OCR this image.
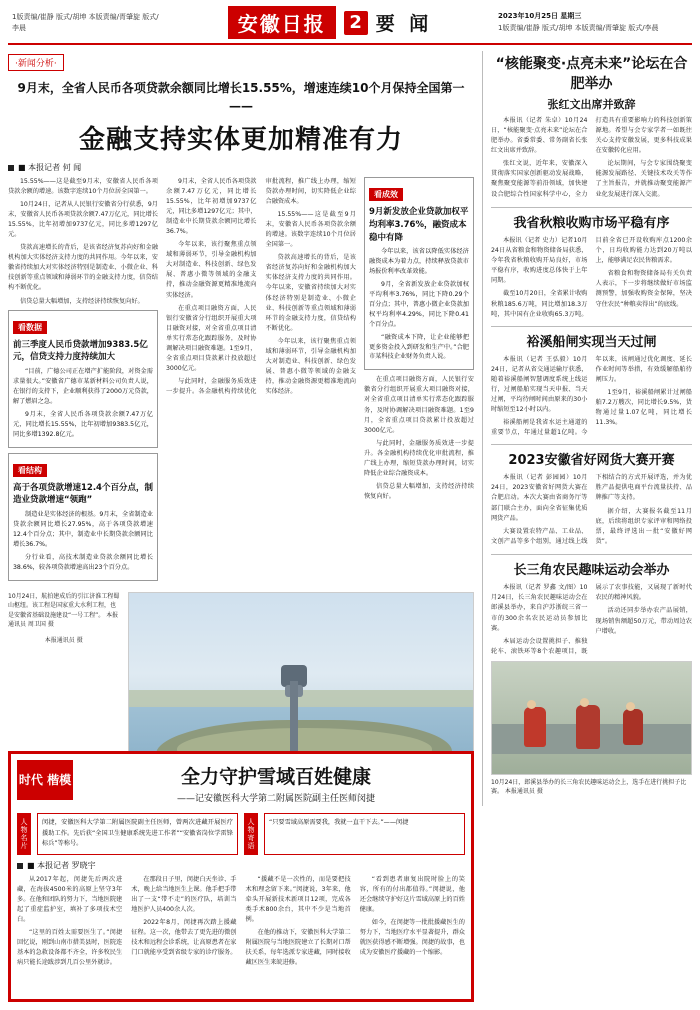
1版责编/崔静 版式/胡坤 本版责编/胥肇旋 版式/李晨	安徽日报	2 要 闻	2023年10月25日 星期三
1版责编/崔静 版式/胡坤 本版责编/胥肇旋 版式/李晨
·新闻分析·
9月末，全省人民币各项贷款余额同比增长15.55%，增速连续10个月保持全国第一——
金融支持实体更加精准有力
■ 本报记者 何 闻

15.55%——这是截至9月末，安徽省人民币各项贷款余额的增速。该数字连续10个月位居全国第一。

10月24日，记者从人民银行安徽省分行获悉，9月末，安徽省人民币各项贷款余额7.47万亿元，同比增长15.55%，比年初增加9737亿元，同比多增1297亿元。

贷款高速增长的背后，是该省经济复苏向好和金融机构加大实体经济支持力度的共同作用。今年以来，安徽省持续加大对实体经济特别是制造业、小微企业、科技创新等重点领域和薄弱环节的金融支持力度，信贷结构不断优化。

信贷总量大幅增加，支持经济持续恢复向好。

看数据
前三季度人民币贷款增加9383.5亿元，信贷支持力度持续加大

“目前，广德公司正在增产扩能阶段，对资金需求量很大。”安徽省广德市某新材料公司负责人说，在银行的支持下，企业顺利获得了2000万元贷款，解了燃眉之急。

9月末，全省人民币各项贷款余额7.47万亿元，同比增长15.55%，比年初增加9383.5亿元，同比多增1392.8亿元。

看结构
高于各项贷款增速12.4个百分点，制造业贷款增速“领跑”

制造业是实体经济的根基。9月末，全省制造业贷款余额同比增长27.95%，高于各项贷款增速12.4个百分点；其中，制造业中长期贷款余额同比增长36.7%。

分行业看，高技术制造业贷款余额同比增长38.6%，较各项贷款增速高出23个百分点。

9月末，全省人民币各项贷款余额7.47万亿元，同比增长15.55%，比年初增加9737亿元，同比多增1297亿元；其中，制造业中长期贷款余额同比增长36.7%。

今年以来，该行聚焦重点领域和薄弱环节，引导金融机构加大对制造业、科技创新、绿色发展、普惠小微等领域的金融支持，推动金融资源更精准地流向实体经济。

在重点项目融资方面，人民银行安徽省分行组织开展重大项目融资对接，对全省重点项目清单实行常态化跟踪服务，及时协调解决项目融资难题。1至9月，全省重点项目贷款累计投放超过3000亿元。

与此同时，金融服务质效进一步提升。各金融机构持续优化审批流程，推广线上办理，缩短贷款办理时间，切实降低企业综合融资成本。

15.55%——这是截至9月末，安徽省人民币各项贷款余额的增速。该数字连续10个月位居全国第一。

贷款高速增长的背后，是该省经济复苏向好和金融机构加大实体经济支持力度的共同作用。今年以来，安徽省持续加大对实体经济特别是制造业、小微企业、科技创新等重点领域和薄弱环节的金融支持力度，信贷结构不断优化。

今年以来，该行聚焦重点领域和薄弱环节，引导金融机构加大对制造业、科技创新、绿色发展、普惠小微等领域的金融支持，推动金融资源更精准地流向实体经济。

看成效
9月新发放企业贷款加权平均利率3.76%，融资成本稳中有降

今年以来，该省以降低实体经济融资成本为着力点，持续释放贷款市场报价利率改革效能。

9月，全省新发放企业贷款加权平均利率3.76%，同比下降0.29个百分点；其中，普惠小微企业贷款加权平均利率4.29%，同比下降0.41个百分点。

“融资成本下降，让企业能够把更多资金投入到研发和生产中。”合肥市某科技企业财务负责人说。

在重点项目融资方面，人民银行安徽省分行组织开展重大项目融资对接，对全省重点项目清单实行常态化跟踪服务，及时协调解决项目融资难题。1至9月，全省重点项目贷款累计投放超过3000亿元。

与此同时，金融服务质效进一步提升。各金融机构持续优化审批流程，推广线上办理，缩短贷款办理时间，切实降低企业综合融资成本。

信贷总量大幅增加，支持经济持续恢复向好。

10月24日，航拍建成后的引江济淮工程蜀山枢纽。该工程是国家重大水利工程，也是安徽省基础设施建设“一号工程”。 本报通讯员 周卫国 摄
本报通讯员 摄
“核能聚变·点亮未来”论坛在合肥举办
张红文出席并致辞

本报讯（记者 朱卓）10月24日，“核能聚变·点亮未来”论坛在合肥举办。省委常委、常务副省长张红文出席并致辞。

张红文说，近年来，安徽深入贯彻落实国家创新驱动发展战略，聚焦聚变能源等前沿领域，加快建设合肥综合性国家科学中心，全力打造具有重要影响力的科技创新策源地。希望与会专家学者一如既往关心支持安徽发展，更多科技成果在安徽转化应用。

论坛期间，与会专家围绕聚变能源发展路径、关键技术攻关等作了主旨报告，并就推动聚变能源产业化发展进行深入交流。

我省秋粮收购市场平稳有序

本报讯（记者 史力）记者10月24日从省粮食和物资储备局获悉，今年我省秋粮收购开局良好，市场平稳有序，收购进度总体快于上年同期。

截至10月20日，全省累计收购秋粮185.6万吨，同比增加18.3万吨，其中国有企业收购65.3万吨。目前全省已开设收购库点1200余个，日均收购能力达到20万吨以上，能够满足农民售粮需求。

省粮食和物资储备局有关负责人表示，下一步将继续做好市场监测预警，加强收购资金保障，坚决守住农民“种粮卖得出”的底线。

裕溪船闸实现当天过闸

本报讯（记者 王弘毅）10月24日，记者从省交通运输厅获悉，随着裕溪船闸智慧调度系统上线运行，过闸船舶实现当天申报、当天过闸，平均待闸时间由原来的30小时缩短至12小时以内。

裕溪船闸是我省水运主通道的重要节点，年通过量超1亿吨。今年以来，该闸通过优化调度、延长作业时间等举措，有效缓解船舶待闸压力。

1至9月，裕溪船闸累计过闸船舶7.2万艘次，同比增长9.5%，货物通过量1.07亿吨，同比增长11.3%。

2023安徽省好网货大赛开赛

本报讯（记者 彭园园）10月24日，2023安徽省好网货大赛在合肥启动。本次大赛由省商务厅等部门联合主办，面向全省征集优质网货产品。

大赛设置农特产品、工业品、文创产品等多个组别，通过线上线下相结合的方式开展评选，并为优胜产品提供电商平台流量扶持、品牌推广等支持。

据介绍，大赛报名截至11月底，后续将组织专家评审和网络投票，最终评选出一批“安徽好网货”。

长三角农民趣味运动会举办

本报讯（记者 罗鑫 文/图）10月24日，长三角农民趣味运动会在郎溪县举办，来自沪苏浙皖三省一市的300余名农民运动员参加比赛。

本届运动会设置挑担子、推独轮车、滚铁环等8个农趣项目，既展示了农事技能，又展现了新时代农民的精神风貌。

活动还同步举办农产品展销，现场销售额超50万元，带动周边农户增收。

10月24日，郎溪县举办的长三角农民趣味运动会上，选手在进行挑担子比赛。 本报通讯员 摄
时代 楷模	全力守护雪域百姓健康
——记安徽医科大学第二附属医院副主任医师闵捷
人物名片	闵捷，安徽医科大学第二附属医院副主任医师，曾两次进藏开展医疗援助工作。先后获“全国卫生健康系统先进工作者”“安徽省岗位学雷锋标兵”等称号。	人物寄语	“只要雪域高原需要我，我就一直干下去。”——闵捷
■ 本报记者 罗晓宇

从2017年起，闵捷先后两次进藏，在海拔4500米的高原上坚守3年多。在他和团队的努力下，当地医院建起了重症监护室，填补了多项技术空白。

“这里的百姓太需要医生了。”闵捷回忆说，刚到山南市措美县时，医院连基本的急救设备都不齐全，许多牧民生病只能长途跋涉到几百公里外就诊。

在那段日子里，闵捷白天坐诊、手术，晚上给当地医生上课。他手把手带出了一支“带不走”的医疗队，培训当地医护人员400余人次。

2022年8月，闵捷再次踏上援藏征程。这一次，他带去了更先进的微创技术和远程会诊系统，让高原患者在家门口就能享受到省级专家的诊疗服务。

“援藏不是一次性的，而是要把技术和理念留下来。”闵捷说，3年来，他牵头开展新技术新项目12项，完成各类手术800余台，其中不少是当地首例。

在他的推动下，安徽医科大学第二附属医院与当地医院建立了长期对口帮扶关系，每年选派专家进藏，同时接收藏区医生来皖进修。

“看到患者康复出院时脸上的笑容，所有的付出都值得。”闵捷说，他还会继续守护好这片雪域高原上的百姓健康。

如今，在闵捷等一批批援藏医生的努力下，当地医疗水平显著提升，群众就医获得感不断增强。闵捷的故事，也成为安徽医疗援藏的一个缩影。
